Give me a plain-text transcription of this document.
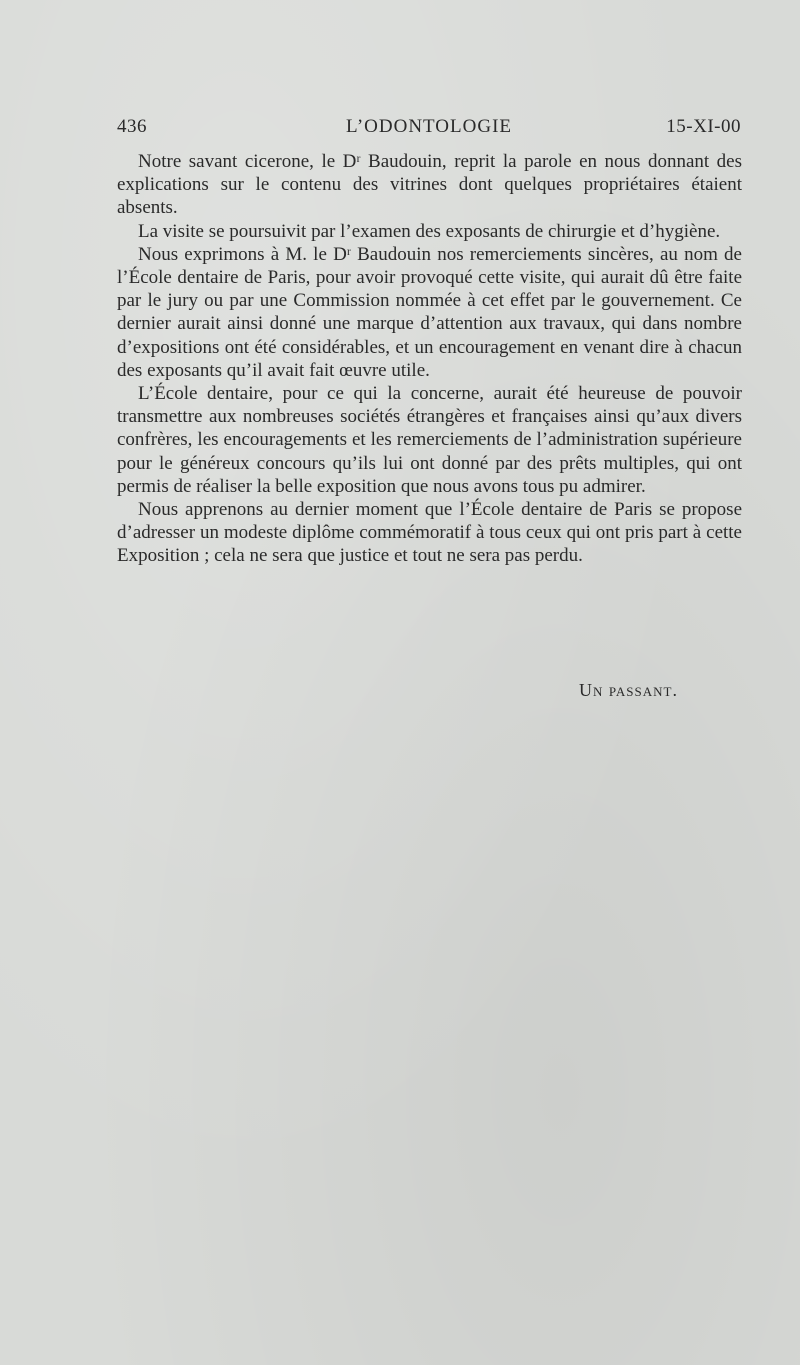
436	L’ODONTOLOGIE	15-XI-00

Notre savant cicerone, le Dʳ Baudouin, reprit la parole en nous donnant des explications sur le contenu des vitrines dont quelques propriétaires étaient absents.

La visite se poursuivit par l’examen des exposants de chirurgie et d’hygiène.

Nous exprimons à M. le Dʳ Baudouin nos remerciements sincères, au nom de l’École dentaire de Paris, pour avoir provoqué cette visite, qui aurait dû être faite par le jury ou par une Commission nommée à cet effet par le gouvernement. Ce dernier aurait ainsi donné une marque d’attention aux travaux, qui dans nombre d’expositions ont été considérables, et un encouragement en venant dire à chacun des exposants qu’il avait fait œuvre utile.

L’École dentaire, pour ce qui la concerne, aurait été heureuse de pouvoir transmettre aux nombreuses sociétés étrangères et françaises ainsi qu’aux divers confrères, les encouragements et les remerciements de l’administration supérieure pour le généreux concours qu’ils lui ont donné par des prêts multiples, qui ont permis de réaliser la belle exposition que nous avons tous pu admirer.

Nous apprenons au dernier moment que l’École dentaire de Paris se propose d’adresser un modeste diplôme commémoratif à tous ceux qui ont pris part à cette Exposition ; cela ne sera que justice et tout ne sera pas perdu.

Un passant.
